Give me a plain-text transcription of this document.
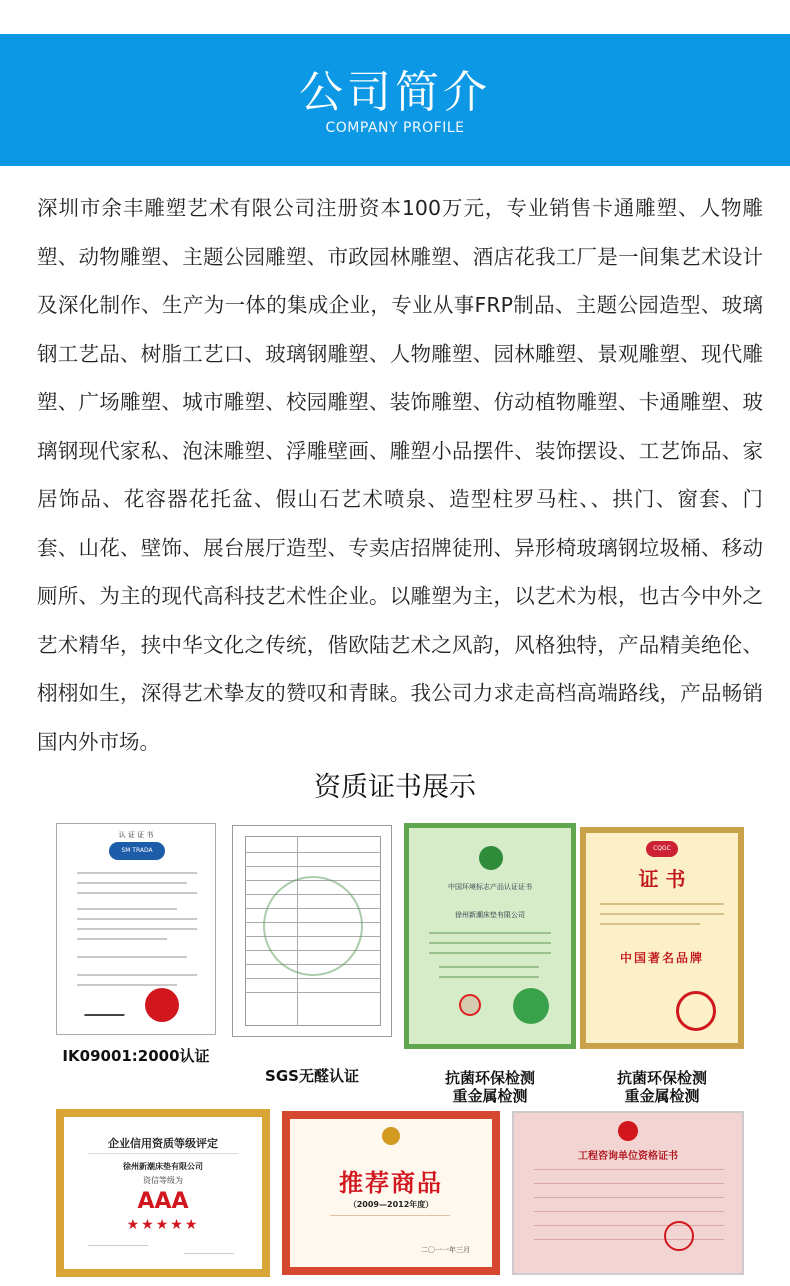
公司简介
COMPANY PROFILE
深圳市余丰雕塑艺术有限公司注册资本100万元，专业销售卡通雕塑、人物雕塑、动物雕塑、主题公园雕塑、市政园林雕塑、酒店花我工厂是一间集艺术设计及深化制作、生产为一体的集成企业，专业从事FRP制品、主题公园造型、玻璃钢工艺品、树脂工艺口、玻璃钢雕塑、人物雕塑、园林雕塑、景观雕塑、现代雕塑、广场雕塑、城市雕塑、校园雕塑、装饰雕塑、仿动植物雕塑、卡通雕塑、玻璃钢现代家私、泡沫雕塑、浮雕壁画、雕塑小品摆件、装饰摆设、工艺饰品、家居饰品、花容器花托盆、假山石艺术喷泉、造型柱罗马柱、、拱门、窗套、门套、山花、壁饰、展台展厅造型、专卖店招牌徒刑、异形椅玻璃钢垃圾桶、移动厕所、为主的现代高科技艺术性企业。以雕塑为主，以艺术为根，也古今中外之艺术精华，挟中华文化之传统，偕欧陆艺术之风韵，风格独特，产品精美绝伦、栩栩如生，深得艺术挚友的赞叹和青睐。我公司力求走高档高端路线，产品畅销国内外市场。
资质证书展示
认 证 证 书
SM TRADA
IK09001:2000认证
SGS无醛认证
中国环境标志产品认证证书
徐州新潮床垫有限公司
抗菌环保检测
重金属检测
CQGC
证 书
中国著名品牌
抗菌环保检测
重金属检测
企业信用资质等级评定
徐州新潮床垫有限公司
资信等级为
AAA
★★★★★
推荐商品
（2009—2012年度）
二〇一一年三月
工程咨询单位资格证书
